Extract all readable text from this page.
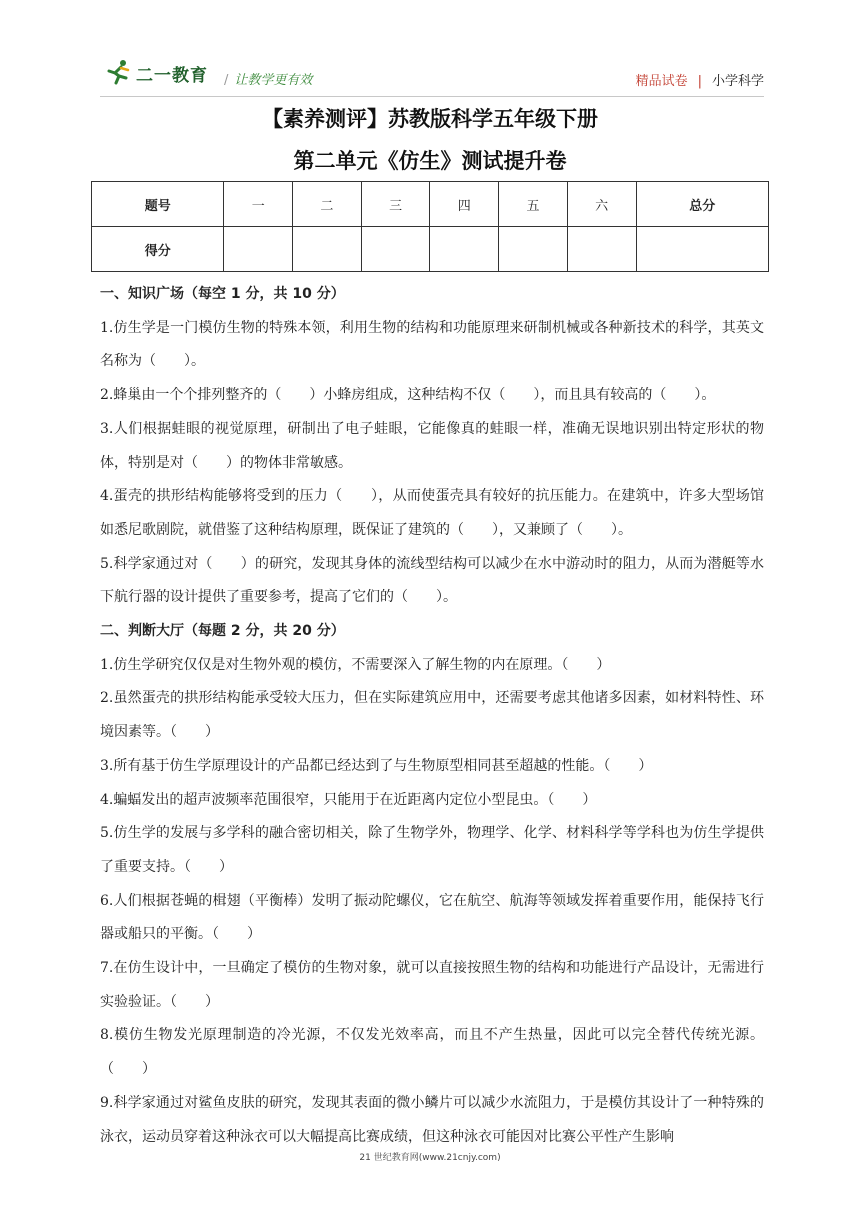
二一教育 / 让教学更有效	精品试卷 | 小学科学
【素养测评】苏教版科学五年级下册
第二单元《仿生》测试提升卷
题号	一	二	三	四	五	六	总分
得分							

一、知识广场（每空 1 分，共 10 分）

1.仿生学是一门模仿生物的特殊本领，利用生物的结构和功能原理来研制机械或各种新技术的科学，其英文名称为（　　）。

2.蜂巢由一个个排列整齐的（　　）小蜂房组成，这种结构不仅（　　），而且具有较高的（　　）。

3.人们根据蛙眼的视觉原理，研制出了电子蛙眼，它能像真的蛙眼一样，准确无误地识别出特定形状的物体，特别是对（　　）的物体非常敏感。

4.蛋壳的拱形结构能够将受到的压力（　　），从而使蛋壳具有较好的抗压能力。在建筑中，许多大型场馆如悉尼歌剧院，就借鉴了这种结构原理，既保证了建筑的（　　），又兼顾了（　　）。

5.科学家通过对（　　）的研究，发现其身体的流线型结构可以减少在水中游动时的阻力，从而为潜艇等水下航行器的设计提供了重要参考，提高了它们的（　　）。

二、判断大厅（每题 2 分，共 20 分）

1.仿生学研究仅仅是对生物外观的模仿，不需要深入了解生物的内在原理。（　　）

2.虽然蛋壳的拱形结构能承受较大压力，但在实际建筑应用中，还需要考虑其他诸多因素，如材料特性、环境因素等。（　　）

3.所有基于仿生学原理设计的产品都已经达到了与生物原型相同甚至超越的性能。（　　）

4.蝙蝠发出的超声波频率范围很窄，只能用于在近距离内定位小型昆虫。（　　）

5.仿生学的发展与多学科的融合密切相关，除了生物学外，物理学、化学、材料科学等学科也为仿生学提供了重要支持。（　　）

6.人们根据苍蝇的楫翅（平衡棒）发明了振动陀螺仪，它在航空、航海等领域发挥着重要作用，能保持飞行器或船只的平衡。（　　）

7.在仿生设计中，一旦确定了模仿的生物对象，就可以直接按照生物的结构和功能进行产品设计，无需进行实验验证。（　　）

8.模仿生物发光原理制造的冷光源，不仅发光效率高，而且不产生热量，因此可以完全替代传统光源。（　　）

9.科学家通过对鲨鱼皮肤的研究，发现其表面的微小鳞片可以减少水流阻力，于是模仿其设计了一种特殊的泳衣，运动员穿着这种泳衣可以大幅提高比赛成绩，但这种泳衣可能因对比赛公平性产生影响

21 世纪教育网(www.21cnjy.com)
